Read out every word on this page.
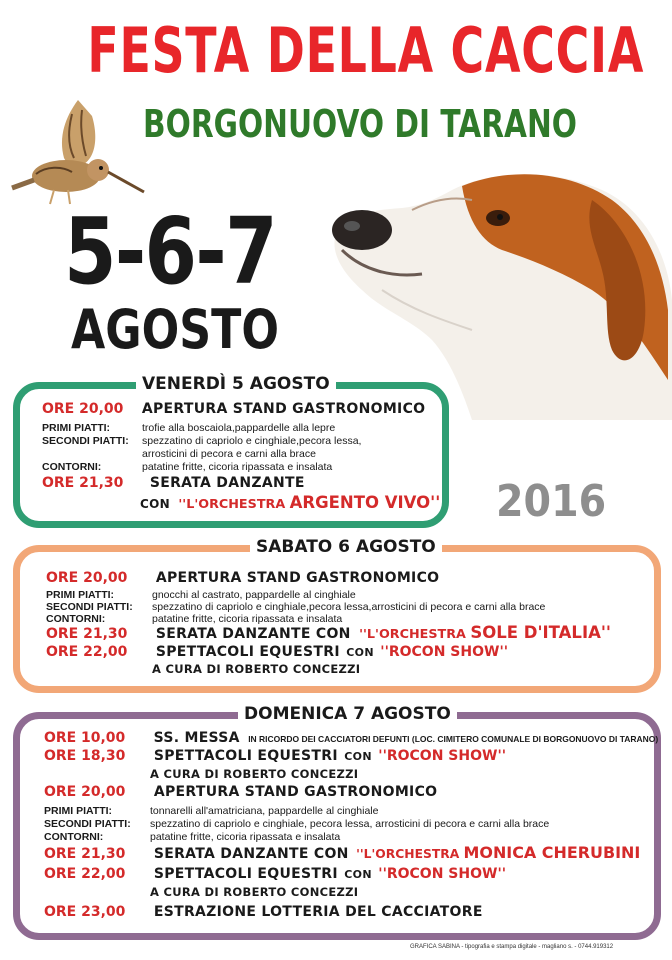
FESTA DELLA CACCIA
BORGONUOVO DI TARANO
5-6-7
AGOSTO
VENERDÌ 5 AGOSTO
ORE 20,00 APERTURA STAND GASTRONOMICO
PRIMI PIATTI:	trofie alla boscaiola,pappardelle alla lepre
SECONDI PIATTI: spezzatino di capriolo e cinghiale,pecora lessa,
arrosticini di pecora e carni alla brace
CONTORNI:	patatine fritte, cicoria ripassata e insalata
ORE 21,30 SERATA DANZANTE
CON ''L'ORCHESTRA ARGENTO VIVO'' 2016
SABATO 6 AGOSTO
ORE 20,00 APERTURA STAND GASTRONOMICO
PRIMI PIATTI:	gnocchi al castrato, pappardelle al cinghiale
SECONDI PIATTI: spezzatino di capriolo e cinghiale,pecora lessa,arrosticini di pecora e carni alla brace
CONTORNI:	patatine fritte, cicoria ripassata e insalata
ORE 21,30 SERATA DANZANTE CON ''L'ORCHESTRA SOLE D'ITALIA''
ORE 22,00 SPETTACOLI EQUESTRI CON ''ROCON SHOW''
A CURA DI ROBERTO CONCEZZI
DOMENICA 7 AGOSTO
ORE 10,00 SS. MESSA IN RICORDO DEI CACCIATORI DEFUNTI (LOC. CIMITERO COMUNALE DI BORGONUOVO DI TARANO)
ORE 18,30 SPETTACOLI EQUESTRI CON ''ROCON SHOW''
A CURA DI ROBERTO CONCEZZI
ORE 20,00 APERTURA STAND GASTRONOMICO
PRIMI PIATTI:	tonnarelli all'amatriciana, pappardelle al cinghiale
SECONDI PIATTI: spezzatino di capriolo e cinghiale, pecora lessa, arrosticini di pecora e carni alla brace
CONTORNI:	patatine fritte, cicoria ripassata e insalata
ORE 21,30 SERATA DANZANTE CON ''L'ORCHESTRA MONICA CHERUBINI
ORE 22,00 SPETTACOLI EQUESTRI CON ''ROCON SHOW''
A CURA DI ROBERTO CONCEZZI
ORE 23,00 ESTRAZIONE LOTTERIA DEL CACCIATORE
GRAFICA SABINA - tipografia e stampa digitale - magliano s. - 0744.919312
